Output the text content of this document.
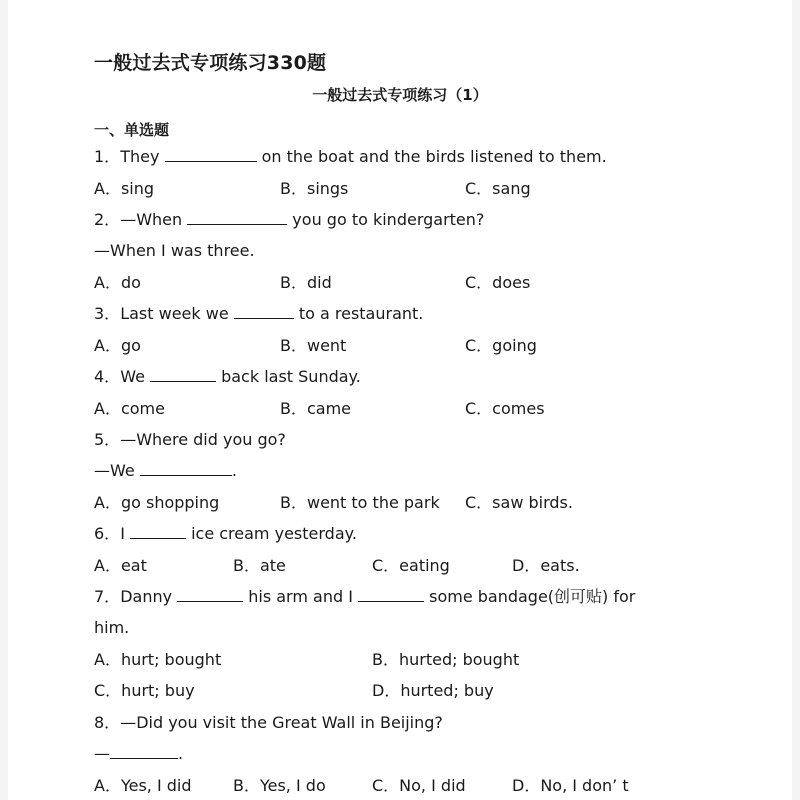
一般过去式专项练习330题
一般过去式专项练习（1）
一、单选题
1．They	on the boat and the birds listened to them.
A．sing	B．sings	C．sang
2．—When	you go to kindergarten?
—When I was three.
A．do	B．did	C．does
3．Last week we	to a restaurant.
A．go	B．went	C．going
4．We	back last Sunday.
A．come	B．came	C．comes
5．—Where did you go?
—We	.
A．go shopping	B．went to the park C．saw birds.
6．I	ice cream yesterday.
A．eat	B．ate	C．eating	D．eats.
7．Danny	his arm and I	some bandage(创可贴) for
him.
A．hurt; bought	B．hurted; bought
C．hurt; buy	D．hurted; buy
8．—Did you visit the Great Wall in Beijing?
—	.
A．Yes, I did	B．Yes, I do	C．No, I did	D．No, I don’ t
